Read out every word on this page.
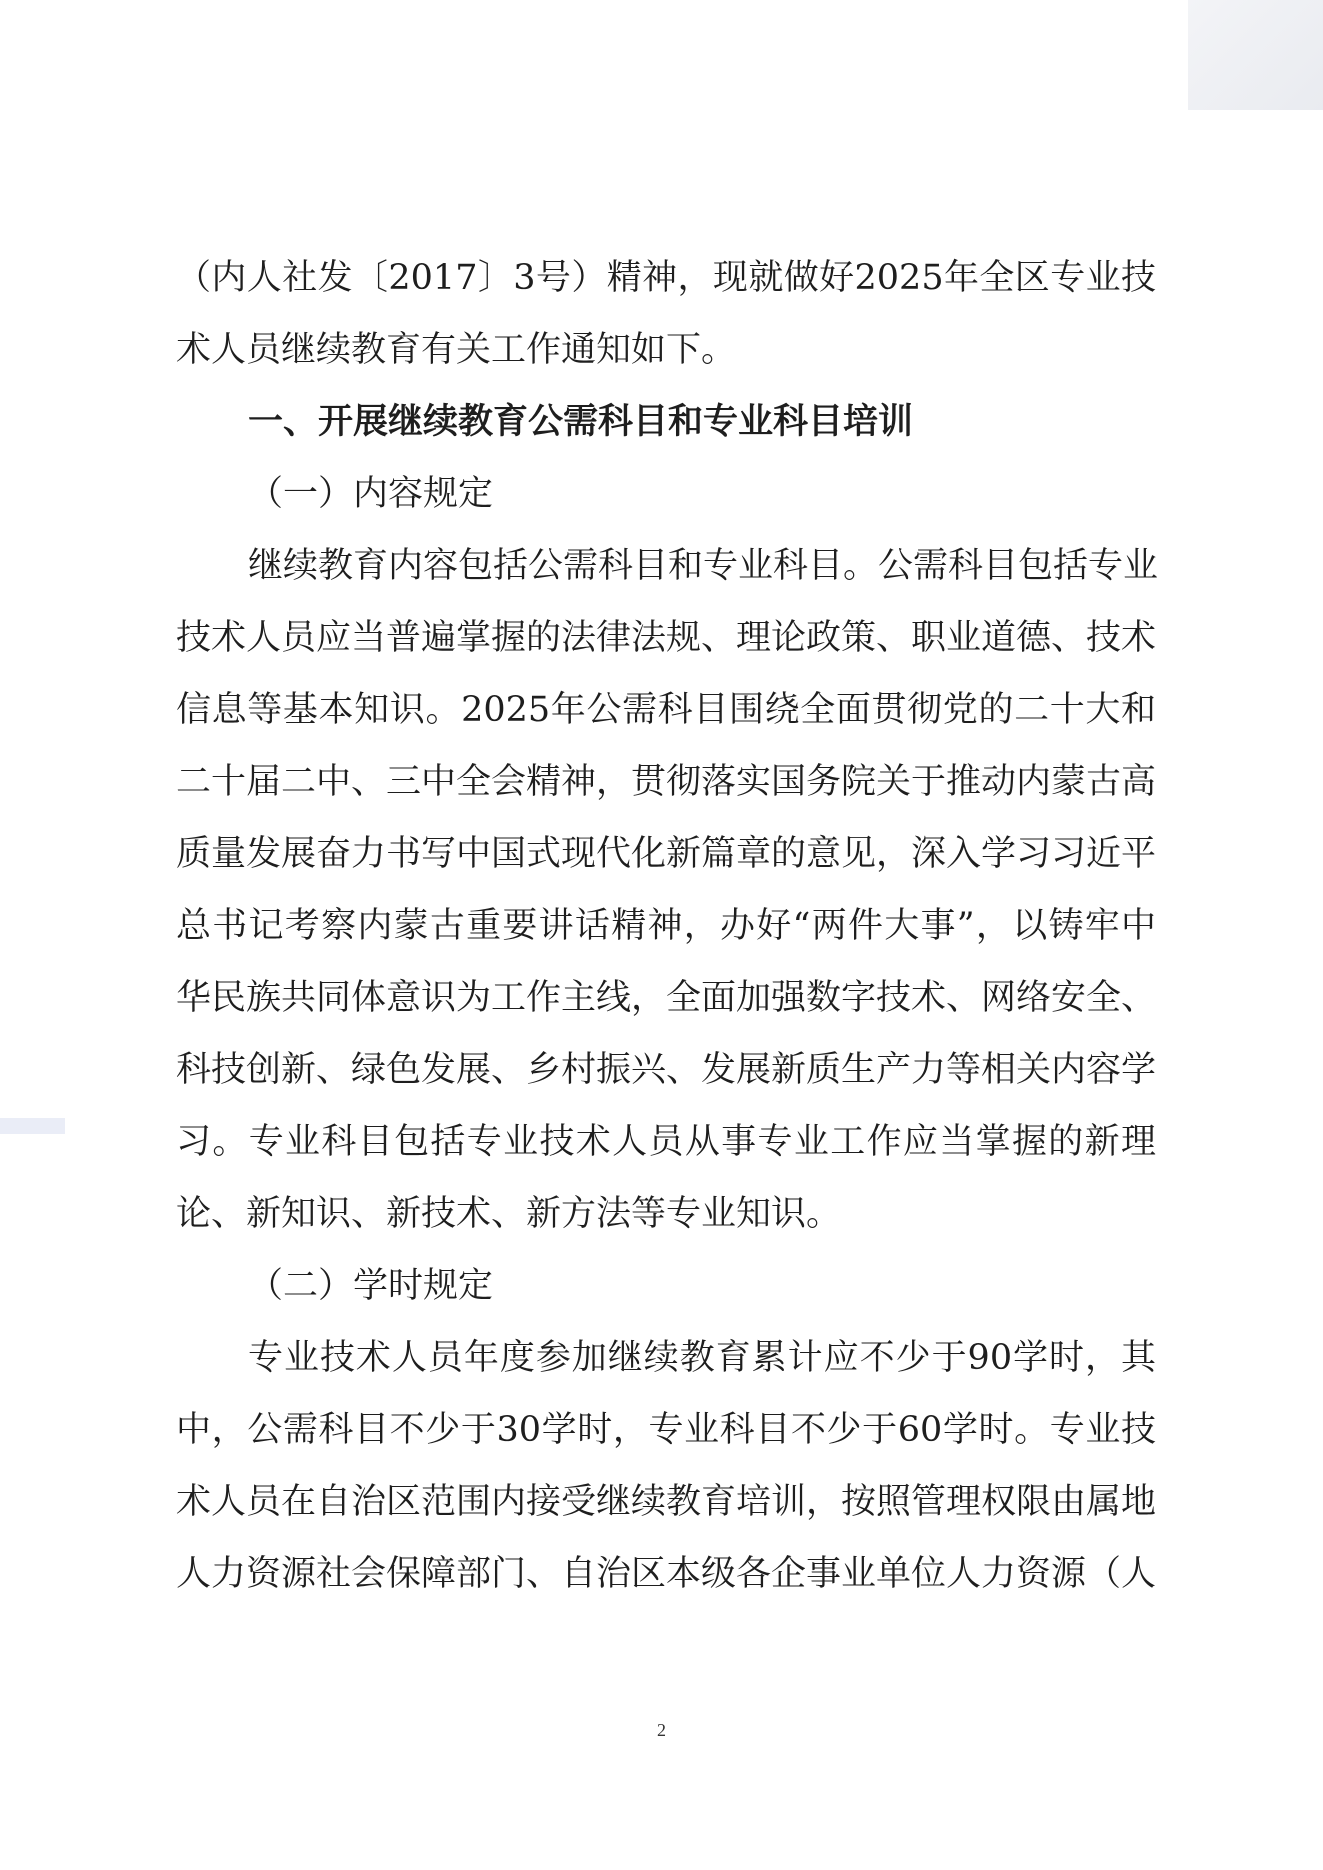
（内人社发〔2017〕3号）精神，现就做好2025年全区专业技
术人员继续教育有关工作通知如下。
一、开展继续教育公需科目和专业科目培训
（一）内容规定
继续教育内容包括公需科目和专业科目。公需科目包括专业
技术人员应当普遍掌握的法律法规、理论政策、职业道德、技术
信息等基本知识。2025年公需科目围绕全面贯彻党的二十大和
二十届二中、三中全会精神，贯彻落实国务院关于推动内蒙古高
质量发展奋力书写中国式现代化新篇章的意见，深入学习习近平
总书记考察内蒙古重要讲话精神，办好“两件大事”，以铸牢中
华民族共同体意识为工作主线，全面加强数字技术、网络安全、
科技创新、绿色发展、乡村振兴、发展新质生产力等相关内容学
习。专业科目包括专业技术人员从事专业工作应当掌握的新理
论、新知识、新技术、新方法等专业知识。
（二）学时规定
专业技术人员年度参加继续教育累计应不少于90学时，其
中，公需科目不少于30学时，专业科目不少于60学时。专业技
术人员在自治区范围内接受继续教育培训，按照管理权限由属地
人力资源社会保障部门、自治区本级各企事业单位人力资源（人
2
